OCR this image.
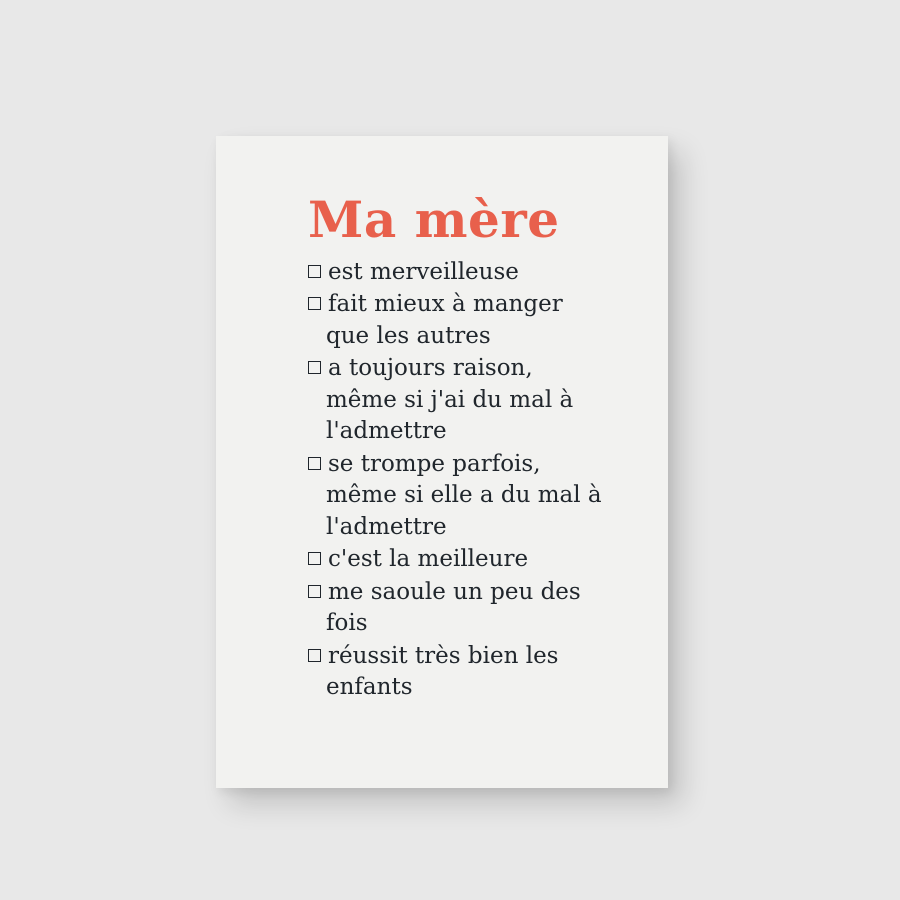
Ma mère
est merveilleuse
fait mieux à manger que les autres
a toujours raison, même si j'ai du mal à l'admettre
se trompe parfois, même si elle a du mal à l'admettre
c'est la meilleure
me saoule un peu des fois
réussit très bien les enfants
